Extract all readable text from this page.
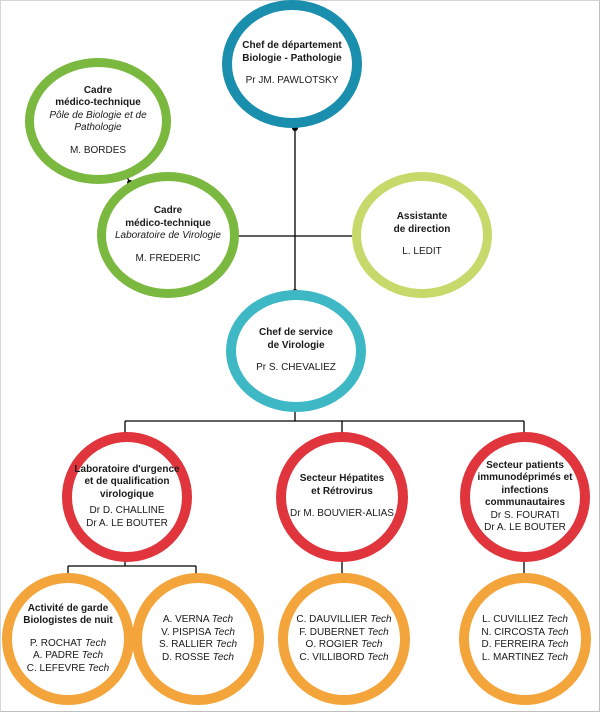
Chef de département
Biologie - Pathologie
Pr JM. PAWLOTSKY
Cadre
médico-technique
Pôle de Biologie et de
Pathologie
M. BORDES
Cadre
médico-technique
Laboratoire de Virologie
M. FREDERIC
Assistante
de direction
L. LEDIT
Chef de service
de Virologie
Pr S. CHEVALIEZ
Laboratoire d'urgence
et de qualification
virologique
Dr D. CHALLINE
Dr A. LE BOUTER
Secteur Hépatites
et Rétrovirus
Dr M. BOUVIER-ALIAS
Secteur patients
immunodéprimés et
infections
communautaires
Dr S. FOURATI
Dr A. LE BOUTER
Activité de garde
Biologistes de nuit
P. ROCHAT Tech
A. PADRE Tech
C. LEFEVRE Tech
A. VERNA Tech
V. PISPISA Tech
S. RALLIER Tech
D. ROSSE Tech
C. DAUVILLIER Tech
F. DUBERNET Tech
O. ROGIER Tech
C. VILLIBORD Tech
L. CUVILLIEZ Tech
N. CIRCOSTA Tech
D. FERREIRA Tech
L. MARTINEZ Tech
